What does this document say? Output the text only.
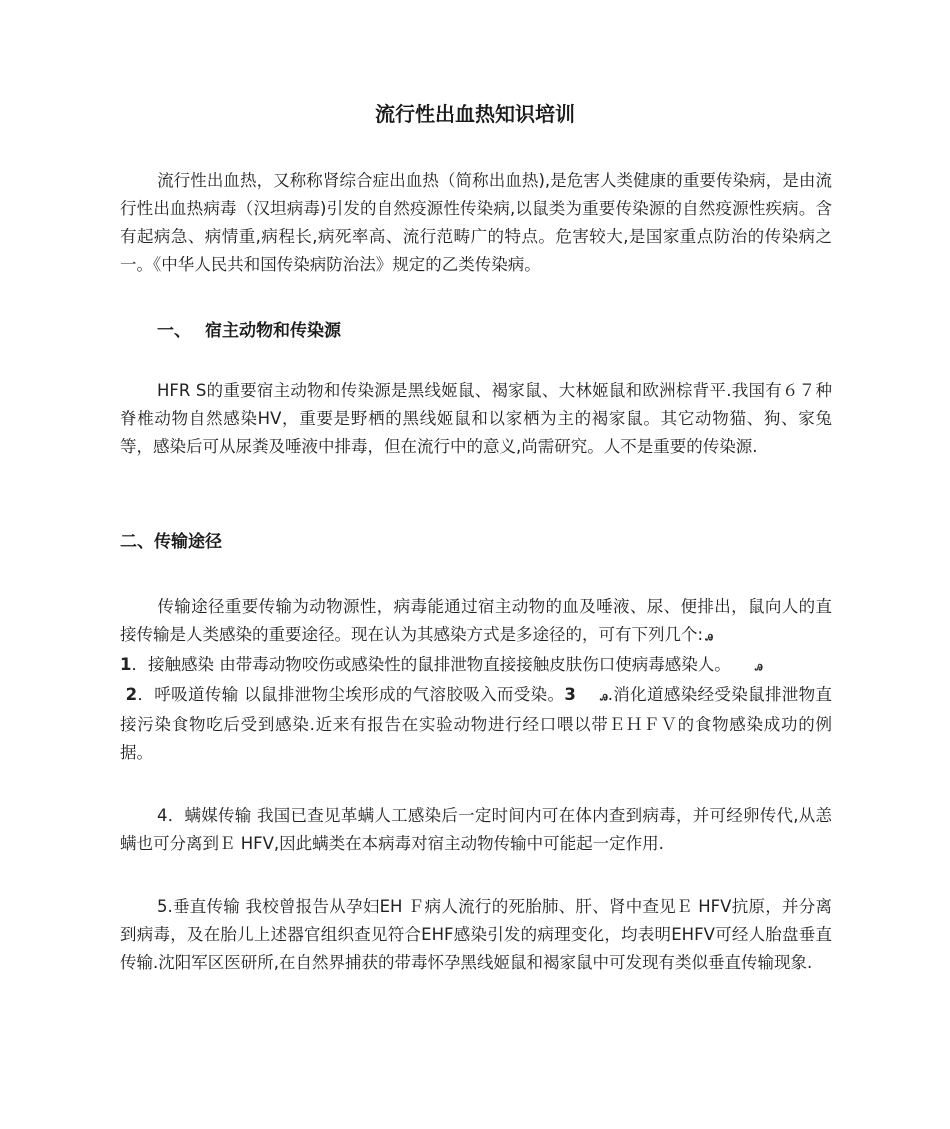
流行性出血热知识培训

流行性出血热，又称称肾综合症出血热（简称出血热),是危害人类健康的重要传染病，是由流行性出血热病毒（汉坦病毒)引发的自然疫源性传染病,以鼠类为重要传染源的自然疫源性疾病。含有起病急、病情重,病程长,病死率高、流行范畴广的特点。危害较大,是国家重点防治的传染病之一。《中华人民共和国传染病防治法》规定的乙类传染病。

一、 宿主动物和传染源

HFR S的重要宿主动物和传染源是黑线姬鼠、褐家鼠、大林姬鼠和欧洲棕背平.我国有６７种脊椎动物自然感染HV，重要是野栖的黑线姬鼠和以家栖为主的褐家鼠。其它动物猫、狗、家兔等，感染后可从尿粪及唾液中排毒，但在流行中的意义,尚需研究。人不是重要的传染源.

二、传输途径

传输途径重要传输为动物源性，病毒能通过宿主动物的血及唾液、尿、便排出，鼠向人的直接传输是人类感染的重要途径。现在认为其感染方式是多途径的，可有下列几个: ꭿ
1．接触感染 由带毒动物咬伤或感染性的鼠排泄物直接接触皮肤伤口使病毒感染人。 ꭿ
2．呼吸道传输 以鼠排泄物尘埃形成的气溶胶吸入而受染。3 ꭿ.消化道感染经受染鼠排泄物直接污染食物吃后受到感染.近来有报告在实验动物进行经口喂以带ＥＨＦＶ的食物感染成功的例据。

4．螨媒传输 我国已查见革螨人工感染后一定时间内可在体内查到病毒，并可经卵传代,从恙螨也可分离到Ｅ HFV,因此螨类在本病毒对宿主动物传输中可能起一定作用.

5.垂直传输 我校曾报告从孕妇EH Ｆ病人流行的死胎肺、肝、肾中查见Ｅ HFV抗原，并分离到病毒，及在胎儿上述器官组织查见符合EHF感染引发的病理变化，均表明EHFV可经人胎盘垂直传输.沈阳军区医研所,在自然界捕获的带毒怀孕黑线姬鼠和褐家鼠中可发现有类似垂直传输现象.
